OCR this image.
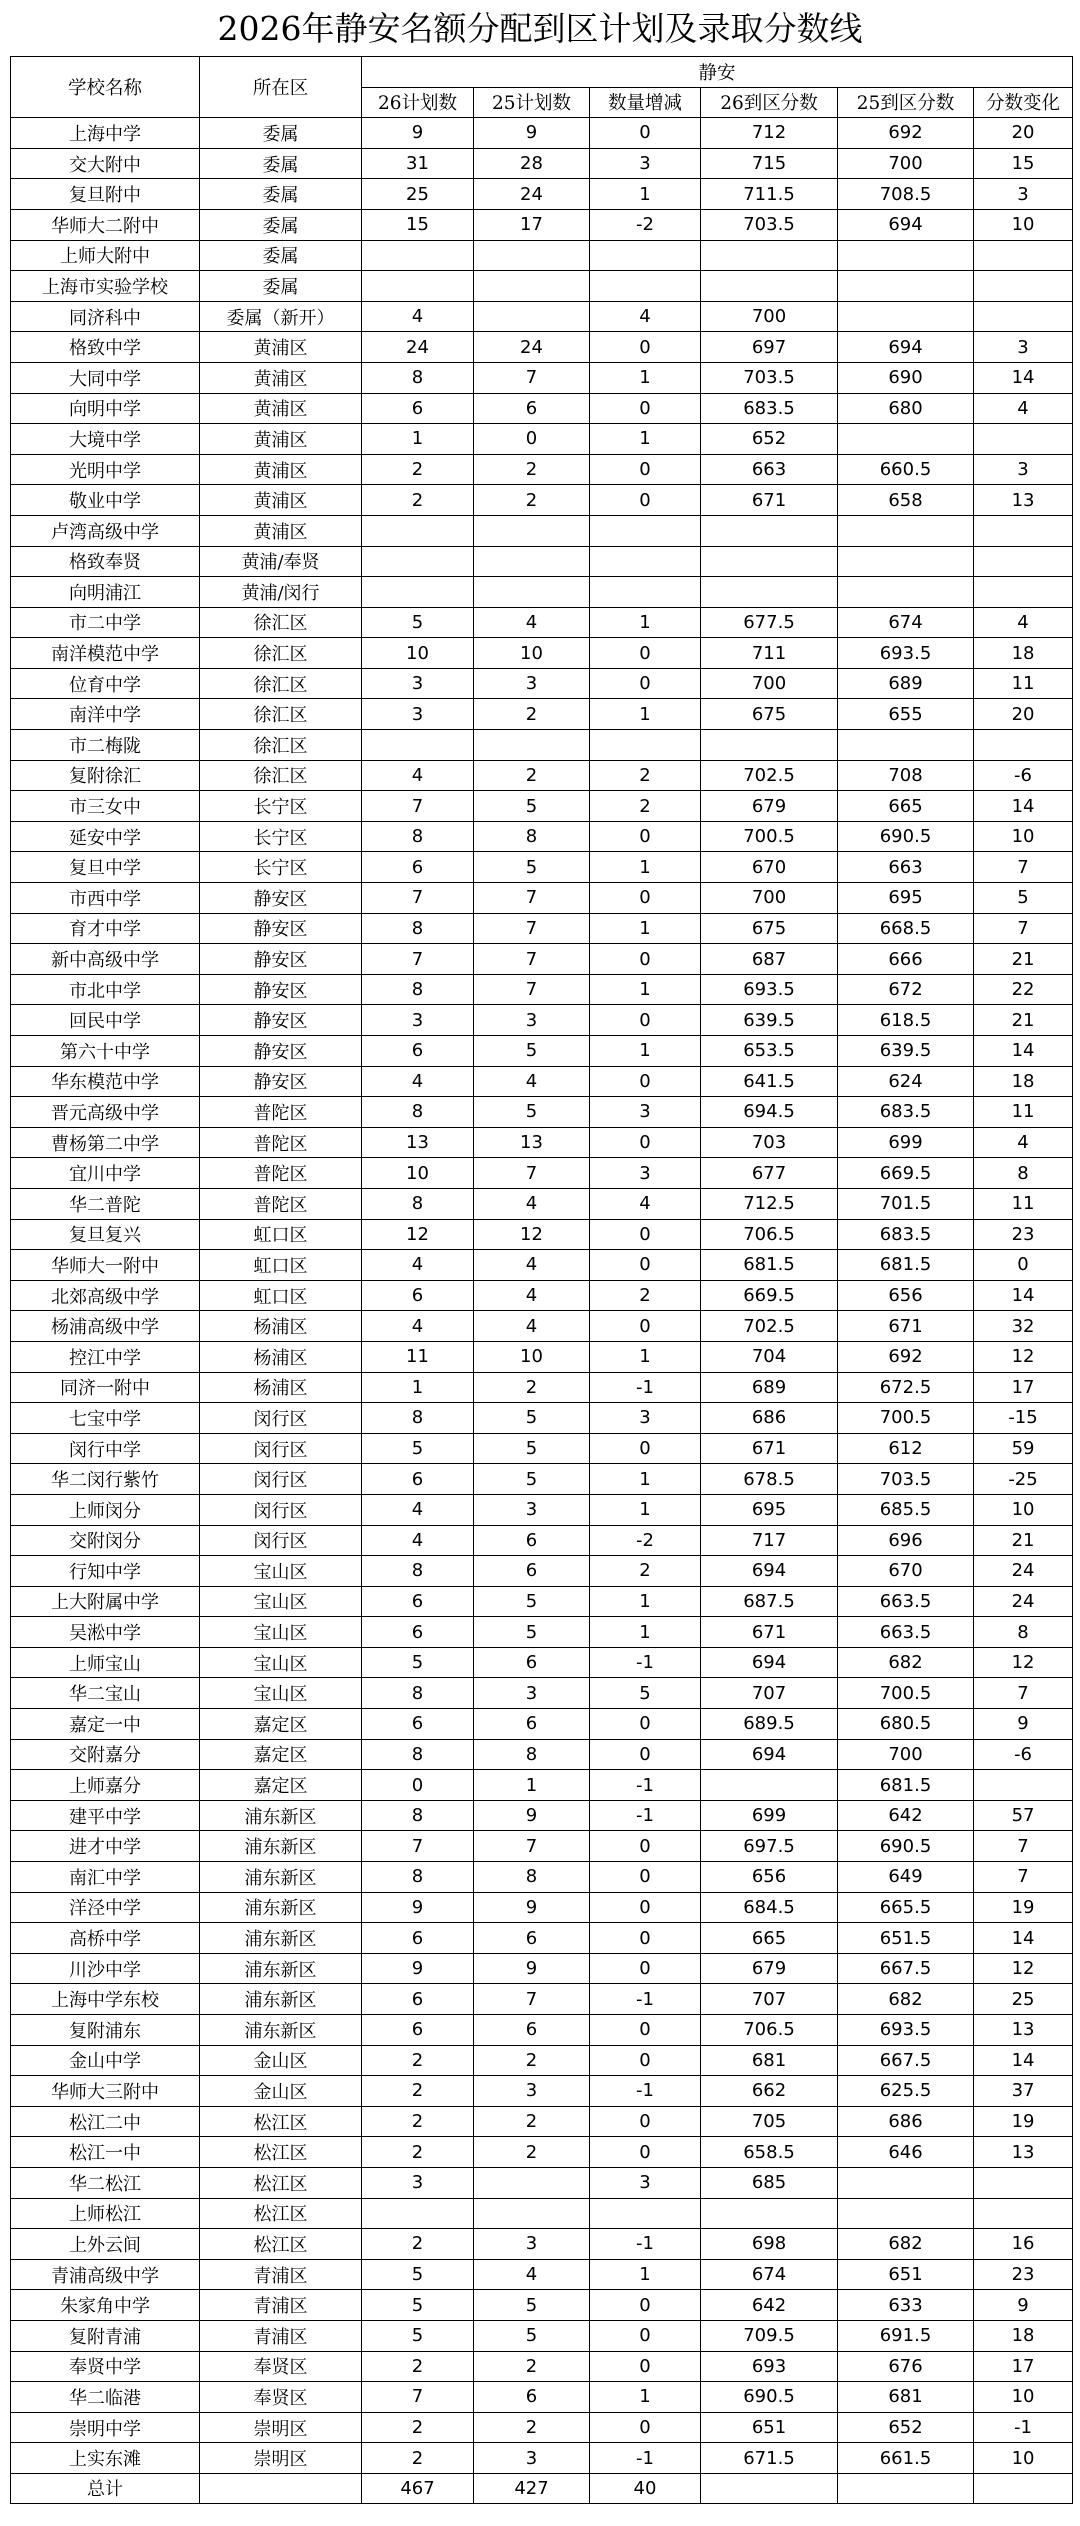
2026年静安名额分配到区计划及录取分数线
学校名称	所在区	静安					
		26计划数	25计划数	数量增减	26到区分数	25到区分数	分数变化
上海中学	委属	9	9	0	712	692	20
交大附中	委属	31	28	3	715	700	15
复旦附中	委属	25	24	1	711.5	708.5	3
华师大二附中	委属	15	17	-2	703.5	694	10
上师大附中	委属						
上海市实验学校	委属						
同济科中	委属（新开）	4		4	700		
格致中学	黄浦区	24	24	0	697	694	3
大同中学	黄浦区	8	7	1	703.5	690	14
向明中学	黄浦区	6	6	0	683.5	680	4
大境中学	黄浦区	1	0	1	652		
光明中学	黄浦区	2	2	0	663	660.5	3
敬业中学	黄浦区	2	2	0	671	658	13
卢湾高级中学	黄浦区						
格致奉贤	黄浦/奉贤						
向明浦江	黄浦/闵行						
市二中学	徐汇区	5	4	1	677.5	674	4
南洋模范中学	徐汇区	10	10	0	711	693.5	18
位育中学	徐汇区	3	3	0	700	689	11
南洋中学	徐汇区	3	2	1	675	655	20
市二梅陇	徐汇区						
复附徐汇	徐汇区	4	2	2	702.5	708	-6
市三女中	长宁区	7	5	2	679	665	14
延安中学	长宁区	8	8	0	700.5	690.5	10
复旦中学	长宁区	6	5	1	670	663	7
市西中学	静安区	7	7	0	700	695	5
育才中学	静安区	8	7	1	675	668.5	7
新中高级中学	静安区	7	7	0	687	666	21
市北中学	静安区	8	7	1	693.5	672	22
回民中学	静安区	3	3	0	639.5	618.5	21
第六十中学	静安区	6	5	1	653.5	639.5	14
华东模范中学	静安区	4	4	0	641.5	624	18
晋元高级中学	普陀区	8	5	3	694.5	683.5	11
曹杨第二中学	普陀区	13	13	0	703	699	4
宜川中学	普陀区	10	7	3	677	669.5	8
华二普陀	普陀区	8	4	4	712.5	701.5	11
复旦复兴	虹口区	12	12	0	706.5	683.5	23
华师大一附中	虹口区	4	4	0	681.5	681.5	0
北郊高级中学	虹口区	6	4	2	669.5	656	14
杨浦高级中学	杨浦区	4	4	0	702.5	671	32
控江中学	杨浦区	11	10	1	704	692	12
同济一附中	杨浦区	1	2	-1	689	672.5	17
七宝中学	闵行区	8	5	3	686	700.5	-15
闵行中学	闵行区	5	5	0	671	612	59
华二闵行紫竹	闵行区	6	5	1	678.5	703.5	-25
上师闵分	闵行区	4	3	1	695	685.5	10
交附闵分	闵行区	4	6	-2	717	696	21
行知中学	宝山区	8	6	2	694	670	24
上大附属中学	宝山区	6	5	1	687.5	663.5	24
吴淞中学	宝山区	6	5	1	671	663.5	8
上师宝山	宝山区	5	6	-1	694	682	12
华二宝山	宝山区	8	3	5	707	700.5	7
嘉定一中	嘉定区	6	6	0	689.5	680.5	9
交附嘉分	嘉定区	8	8	0	694	700	-6
上师嘉分	嘉定区	0	1	-1		681.5	
建平中学	浦东新区	8	9	-1	699	642	57
进才中学	浦东新区	7	7	0	697.5	690.5	7
南汇中学	浦东新区	8	8	0	656	649	7
洋泾中学	浦东新区	9	9	0	684.5	665.5	19
高桥中学	浦东新区	6	6	0	665	651.5	14
川沙中学	浦东新区	9	9	0	679	667.5	12
上海中学东校	浦东新区	6	7	-1	707	682	25
复附浦东	浦东新区	6	6	0	706.5	693.5	13
金山中学	金山区	2	2	0	681	667.5	14
华师大三附中	金山区	2	3	-1	662	625.5	37
松江二中	松江区	2	2	0	705	686	19
松江一中	松江区	2	2	0	658.5	646	13
华二松江	松江区	3		3	685		
上师松江	松江区						
上外云间	松江区	2	3	-1	698	682	16
青浦高级中学	青浦区	5	4	1	674	651	23
朱家角中学	青浦区	5	5	0	642	633	9
复附青浦	青浦区	5	5	0	709.5	691.5	18
奉贤中学	奉贤区	2	2	0	693	676	17
华二临港	奉贤区	7	6	1	690.5	681	10
崇明中学	崇明区	2	2	0	651	652	-1
上实东滩	崇明区	2	3	-1	671.5	661.5	10
总计		467	427	40			
